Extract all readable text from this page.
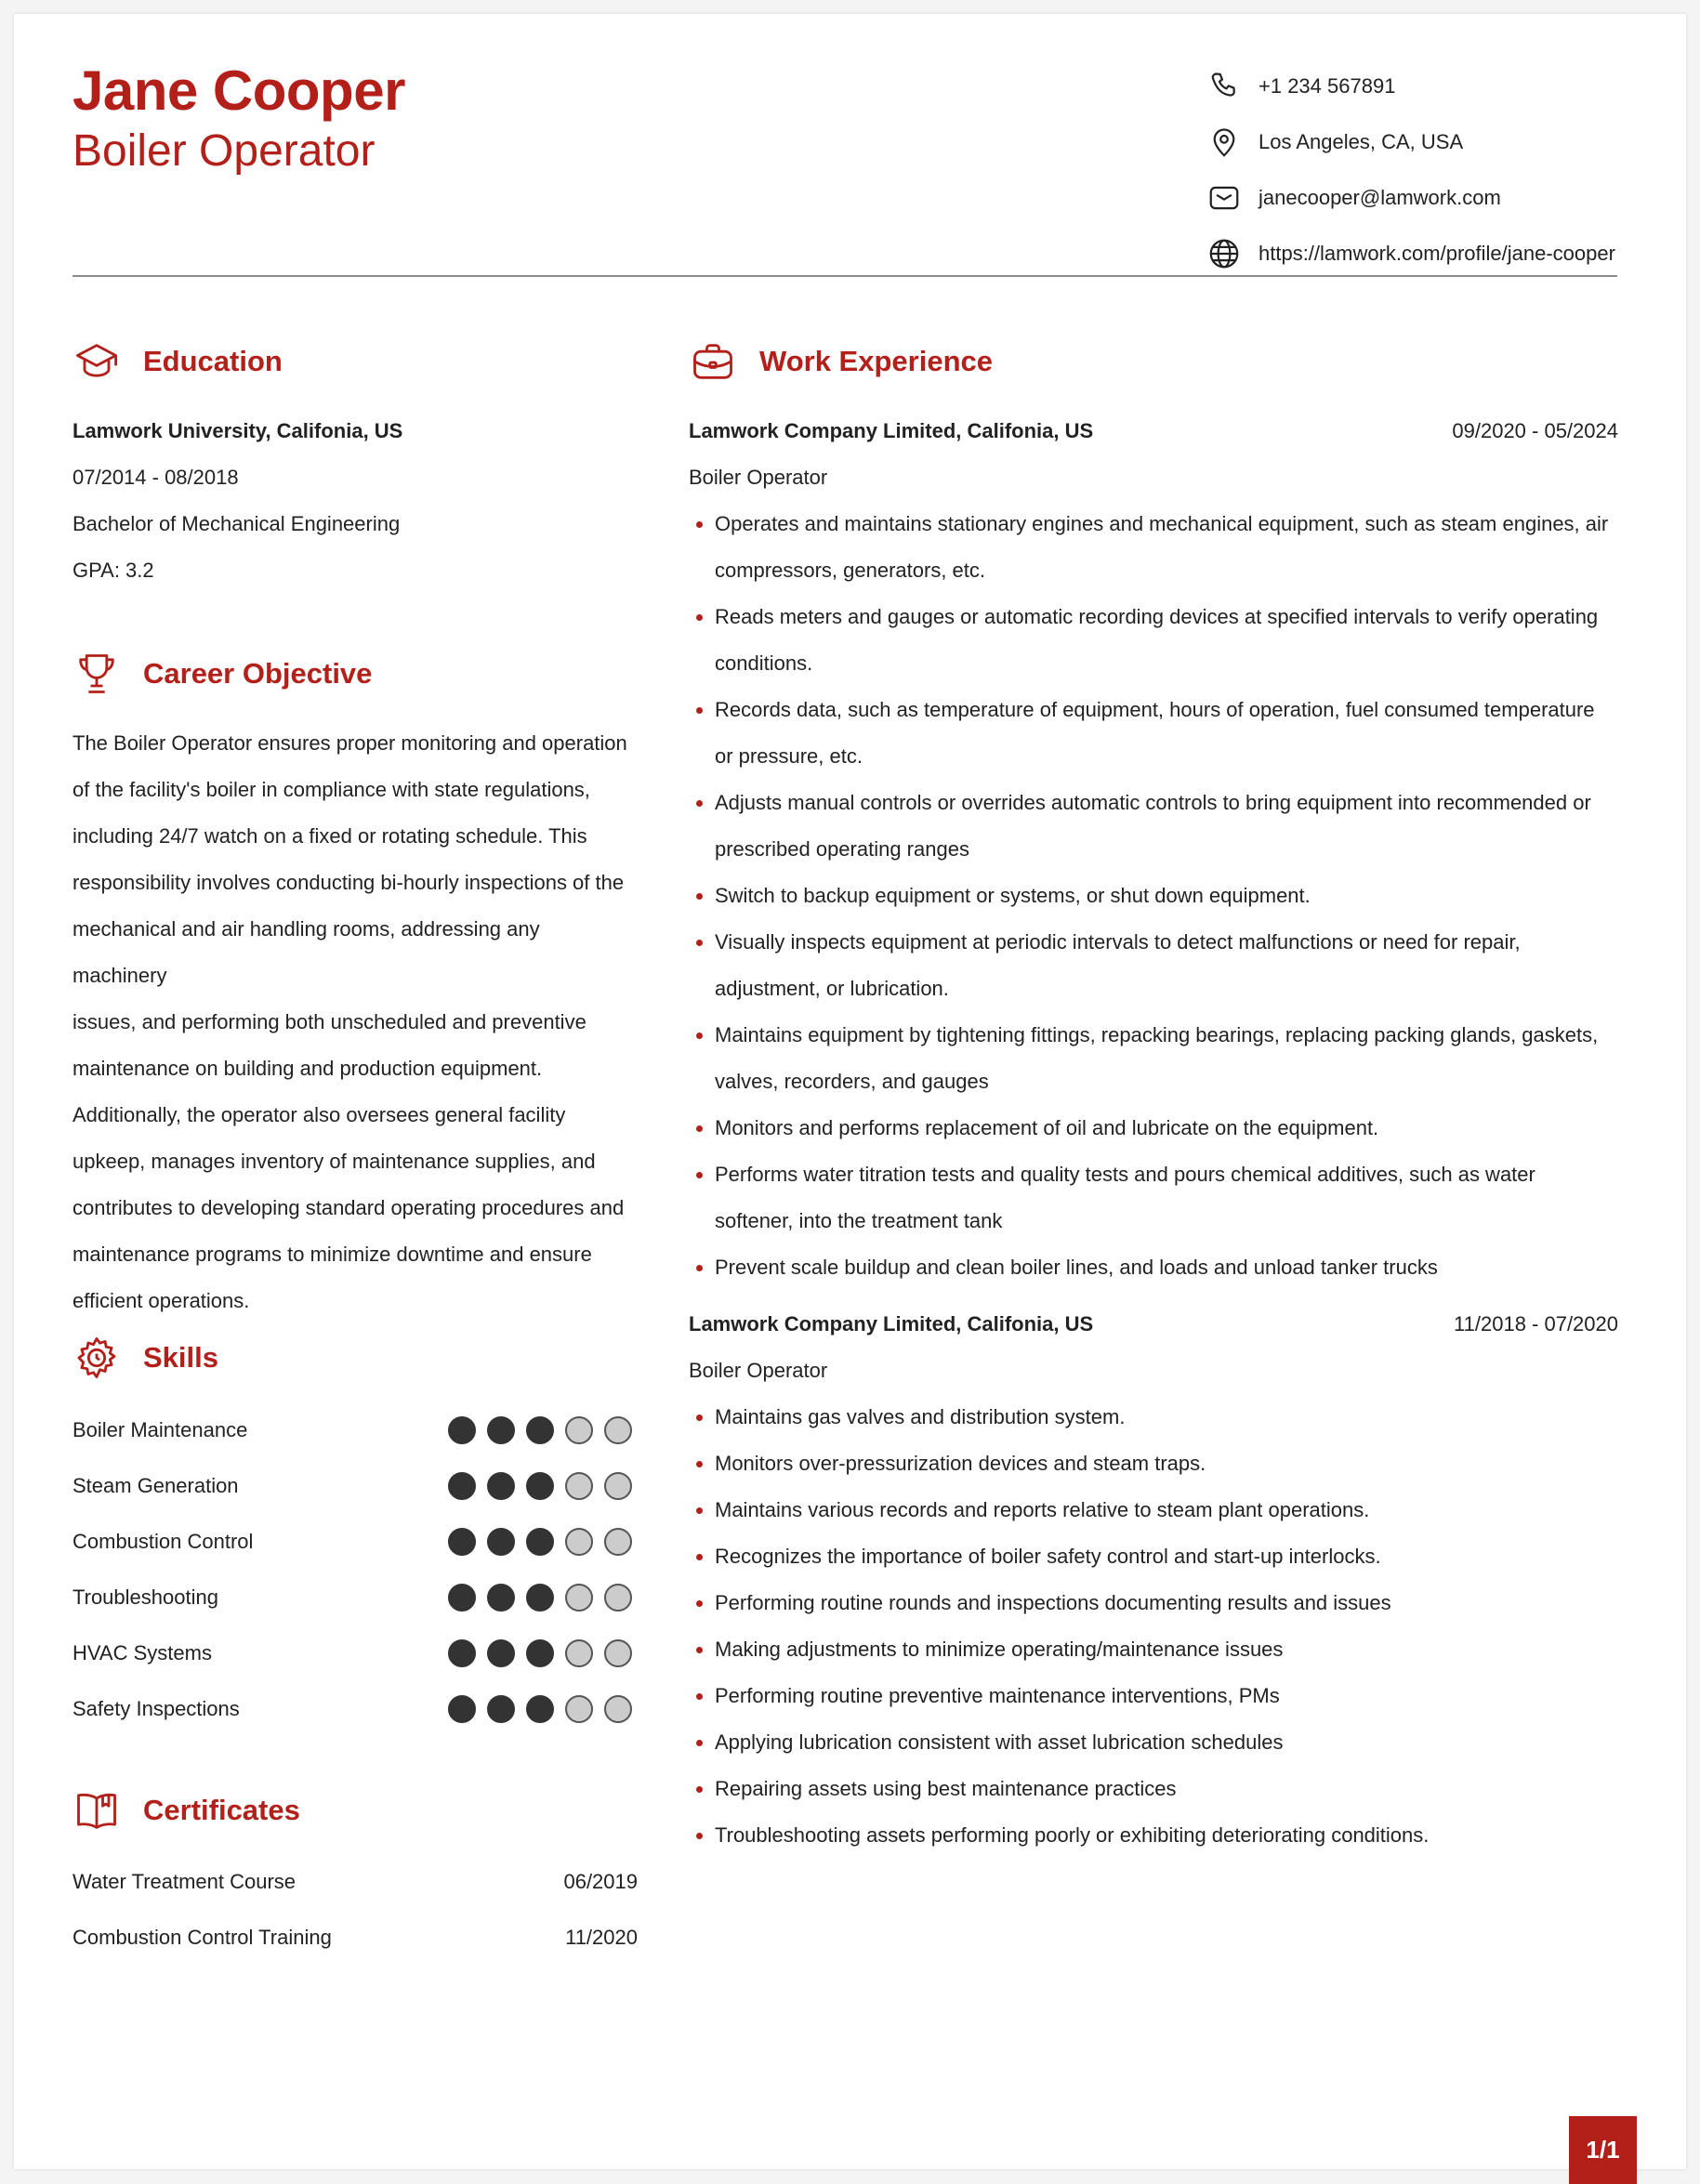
Jane Cooper
Boiler Operator
+1 234 567891
Los Angeles, CA, USA
janecooper@lamwork.com
https://lamwork.com/profile/jane-cooper
Education
Lamwork University, Califonia, US
07/2014 - 08/2018
Bachelor of Mechanical Engineering
GPA: 3.2
Career Objective
The Boiler Operator ensures proper monitoring and operation
of the facility's boiler in compliance with state regulations,
including 24/7 watch on a fixed or rotating schedule. This
responsibility involves conducting bi-hourly inspections of the
mechanical and air handling rooms, addressing any machinery
issues, and performing both unscheduled and preventive
maintenance on building and production equipment.
Additionally, the operator also oversees general facility
upkeep, manages inventory of maintenance supplies, and
contributes to developing standard operating procedures and
maintenance programs to minimize downtime and ensure
efficient operations.
Skills
Boiler Maintenance
Steam Generation
Combustion Control
Troubleshooting
HVAC Systems
Safety Inspections
Certificates
Water Treatment Course	06/2019
Combustion Control Training	11/2020
Work Experience
Lamwork Company Limited, Califonia, US	09/2020 - 05/2024
Boiler Operator
Operates and maintains stationary engines and mechanical equipment, such as steam engines, air compressors, generators, etc.
Reads meters and gauges or automatic recording devices at specified intervals to verify operating conditions.
Records data, such as temperature of equipment, hours of operation, fuel consumed temperature or pressure, etc.
Adjusts manual controls or overrides automatic controls to bring equipment into recommended or prescribed operating ranges
Switch to backup equipment or systems, or shut down equipment.
Visually inspects equipment at periodic intervals to detect malfunctions or need for repair, adjustment, or lubrication.
Maintains equipment by tightening fittings, repacking bearings, replacing packing glands, gaskets, valves, recorders, and gauges
Monitors and performs replacement of oil and lubricate on the equipment.
Performs water titration tests and quality tests and pours chemical additives, such as water softener, into the treatment tank
Prevent scale buildup and clean boiler lines, and loads and unload tanker trucks
Lamwork Company Limited, Califonia, US	11/2018 - 07/2020
Boiler Operator
Maintains gas valves and distribution system.
Monitors over-pressurization devices and steam traps.
Maintains various records and reports relative to steam plant operations.
Recognizes the importance of boiler safety control and start-up interlocks.
Performing routine rounds and inspections documenting results and issues
Making adjustments to minimize operating/maintenance issues
Performing routine preventive maintenance interventions, PMs
Applying lubrication consistent with asset lubrication schedules
Repairing assets using best maintenance practices
Troubleshooting assets performing poorly or exhibiting deteriorating conditions.
1/1
